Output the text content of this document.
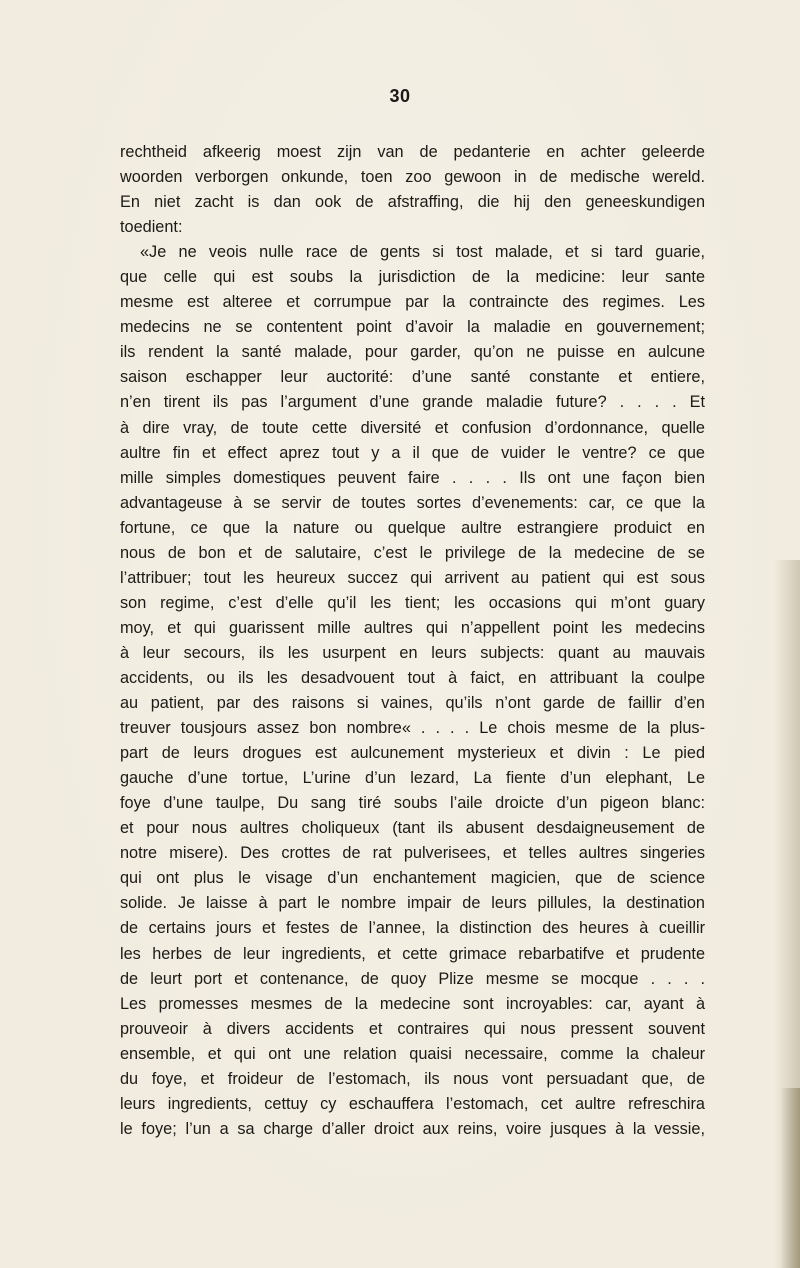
30
rechtheid afkeerig moest zijn van de pedanterie en achter geleerde
woorden verborgen onkunde, toen zoo gewoon in de medische wereld.
En niet zacht is dan ook de afstraffing, die hij den geneeskundigen
toedient:
«Je ne veois nulle race de gents si tost malade, et si tard guarie,
que celle qui est soubs la jurisdiction de la medicine: leur sante
mesme est alteree et corrumpue par la contraincte des regimes. Les
medecins ne se contentent point d’avoir la maladie en gouvernement;
ils rendent la santé malade, pour garder, qu’on ne puisse en aulcune
saison eschapper leur auctorité: d’une santé constante et entiere,
n’en tirent ils pas l’argument d’une grande maladie future? . . . . Et
à dire vray, de toute cette diversité et confusion d’ordonnance, quelle
aultre fin et effect aprez tout y a il que de vuider le ventre? ce que
mille simples domestiques peuvent faire . . . . Ils ont une façon bien
advantageuse à se servir de toutes sortes d’evenements: car, ce que la
fortune, ce que la nature ou quelque aultre estrangiere produict en
nous de bon et de salutaire, c’est le privilege de la medecine de se
l’attribuer; tout les heureux succez qui arrivent au patient qui est sous
son regime, c’est d’elle qu’il les tient; les occasions qui m’ont guary
moy, et qui guarissent mille aultres qui n’appellent point les medecins
à leur secours, ils les usurpent en leurs subjects: quant au mauvais
accidents, ou ils les desadvouent tout à faict, en attribuant la coulpe
au patient, par des raisons si vaines, qu’ils n’ont garde de faillir d’en
treuver tousjours assez bon nombre« . . . . Le chois mesme de la plus-
part de leurs drogues est aulcunement mysterieux et divin : Le pied
gauche d’une tortue, L’urine d’un lezard, La fiente d’un elephant, Le
foye d’une taulpe, Du sang tiré soubs l’aile droicte d’un pigeon blanc:
et pour nous aultres choliqueux (tant ils abusent desdaigneusement de
notre misere). Des crottes de rat pulverisees, et telles aultres singeries
qui ont plus le visage d’un enchantement magicien, que de science
solide. Je laisse à part le nombre impair de leurs pillules, la destination
de certains jours et festes de l’annee, la distinction des heures à cueillir
les herbes de leur ingredients, et cette grimace rebarbatifve et prudente
de leurt port et contenance, de quoy Plize mesme se mocque . . . .
Les promesses mesmes de la medecine sont incroyables: car, ayant à
prouveoir à divers accidents et contraires qui nous pressent souvent
ensemble, et qui ont une relation quaisi necessaire, comme la chaleur
du foye, et froideur de l’estomach, ils nous vont persuadant que, de
leurs ingredients, cettuy cy eschauffera l’estomach, cet aultre refreschira
le foye; l’un a sa charge d’aller droict aux reins, voire jusques à la vessie,
